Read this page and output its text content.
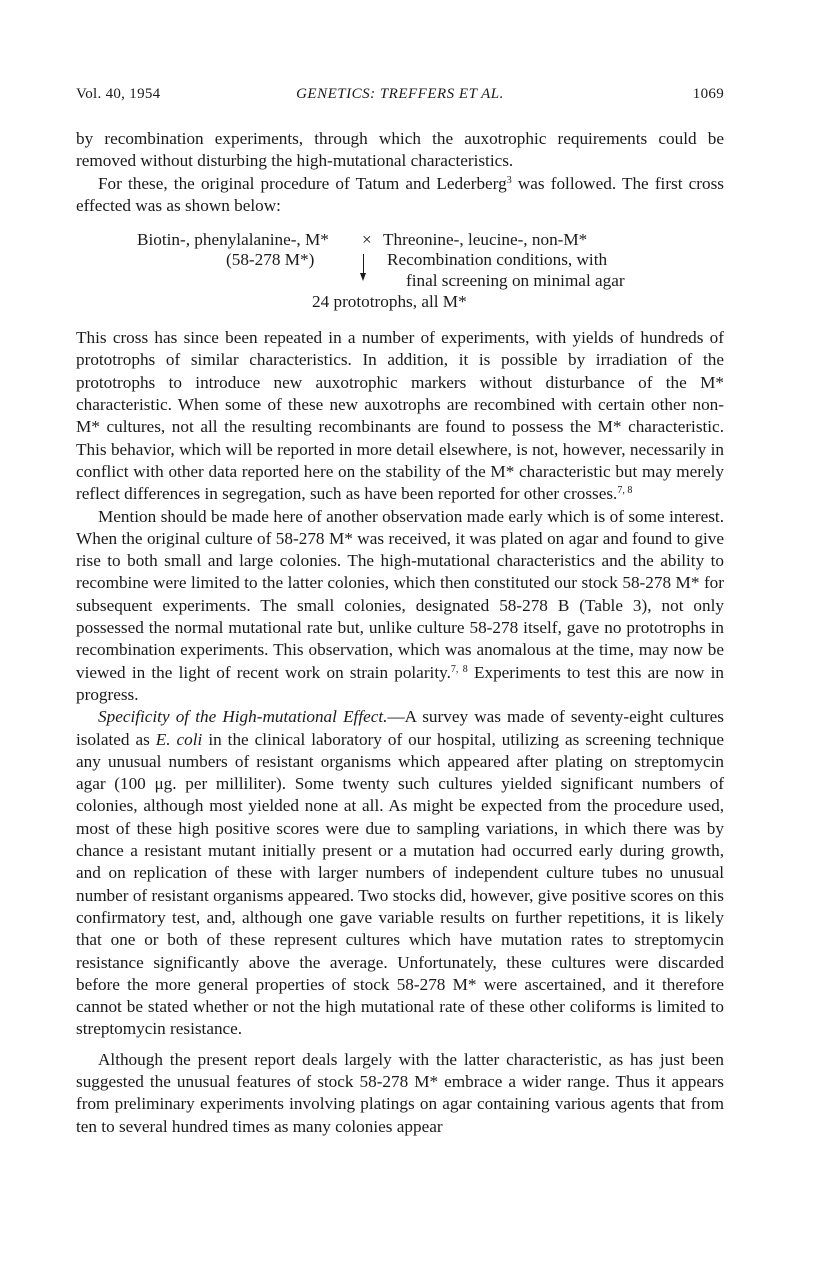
Vol. 40, 1954	GENETICS: TREFFERS ET AL.	1069

by recombination experiments, through which the auxotrophic requirements could be removed without disturbing the high-mutational characteristics.

For these, the original procedure of Tatum and Lederberg$^3$ was followed. The first cross effected was as shown below:

Biotin-, phenylalanine-, M* × Threonine-, leucine-, non-M*
(58-278 M*)	Recombination conditions, with
final screening on minimal agar
24 prototrophs, all M*

This cross has since been repeated in a number of experiments, with yields of hundreds of prototrophs of similar characteristics. In addition, it is possible by irradiation of the prototrophs to introduce new auxotrophic markers without disturbance of the M* characteristic. When some of these new auxotrophs are recombined with certain other non-M* cultures, not all the resulting recombinants are found to possess the M* characteristic. This behavior, which will be reported in more detail elsewhere, is not, however, necessarily in conflict with other data reported here on the stability of the M* characteristic but may merely reflect differences in segregation, such as have been reported for other crosses.$^{7, 8}$

Mention should be made here of another observation made early which is of some interest. When the original culture of 58-278 M* was received, it was plated on agar and found to give rise to both small and large colonies. The high-mutational characteristics and the ability to recombine were limited to the latter colonies, which then constituted our stock 58-278 M* for subsequent experiments. The small colonies, designated 58-278 B (Table 3), not only possessed the normal mutational rate but, unlike culture 58-278 itself, gave no prototrophs in recombination experiments. This observation, which was anomalous at the time, may now be viewed in the light of recent work on strain polarity.$^{7, 8}$ Experiments to test this are now in progress.

Specificity of the High-mutational Effect.—A survey was made of seventy-eight cultures isolated as E. coli in the clinical laboratory of our hospital, utilizing as screening technique any unusual numbers of resistant organisms which appeared after plating on streptomycin agar (100 μg. per milliliter). Some twenty such cultures yielded significant numbers of colonies, although most yielded none at all. As might be expected from the procedure used, most of these high positive scores were due to sampling variations, in which there was by chance a resistant mutant initially present or a mutation had occurred early during growth, and on replication of these with larger numbers of independent culture tubes no unusual number of resistant organisms appeared. Two stocks did, however, give positive scores on this confirmatory test, and, although one gave variable results on further repetitions, it is likely that one or both of these represent cultures which have mutation rates to streptomycin resistance significantly above the average. Unfortunately, these cultures were discarded before the more general properties of stock 58-278 M* were ascertained, and it therefore cannot be stated whether or not the high mutational rate of these other coliforms is limited to streptomycin resistance.

Although the present report deals largely with the latter characteristic, as has just been suggested the unusual features of stock 58-278 M* embrace a wider range. Thus it appears from preliminary experiments involving platings on agar containing various agents that from ten to several hundred times as many colonies appear
